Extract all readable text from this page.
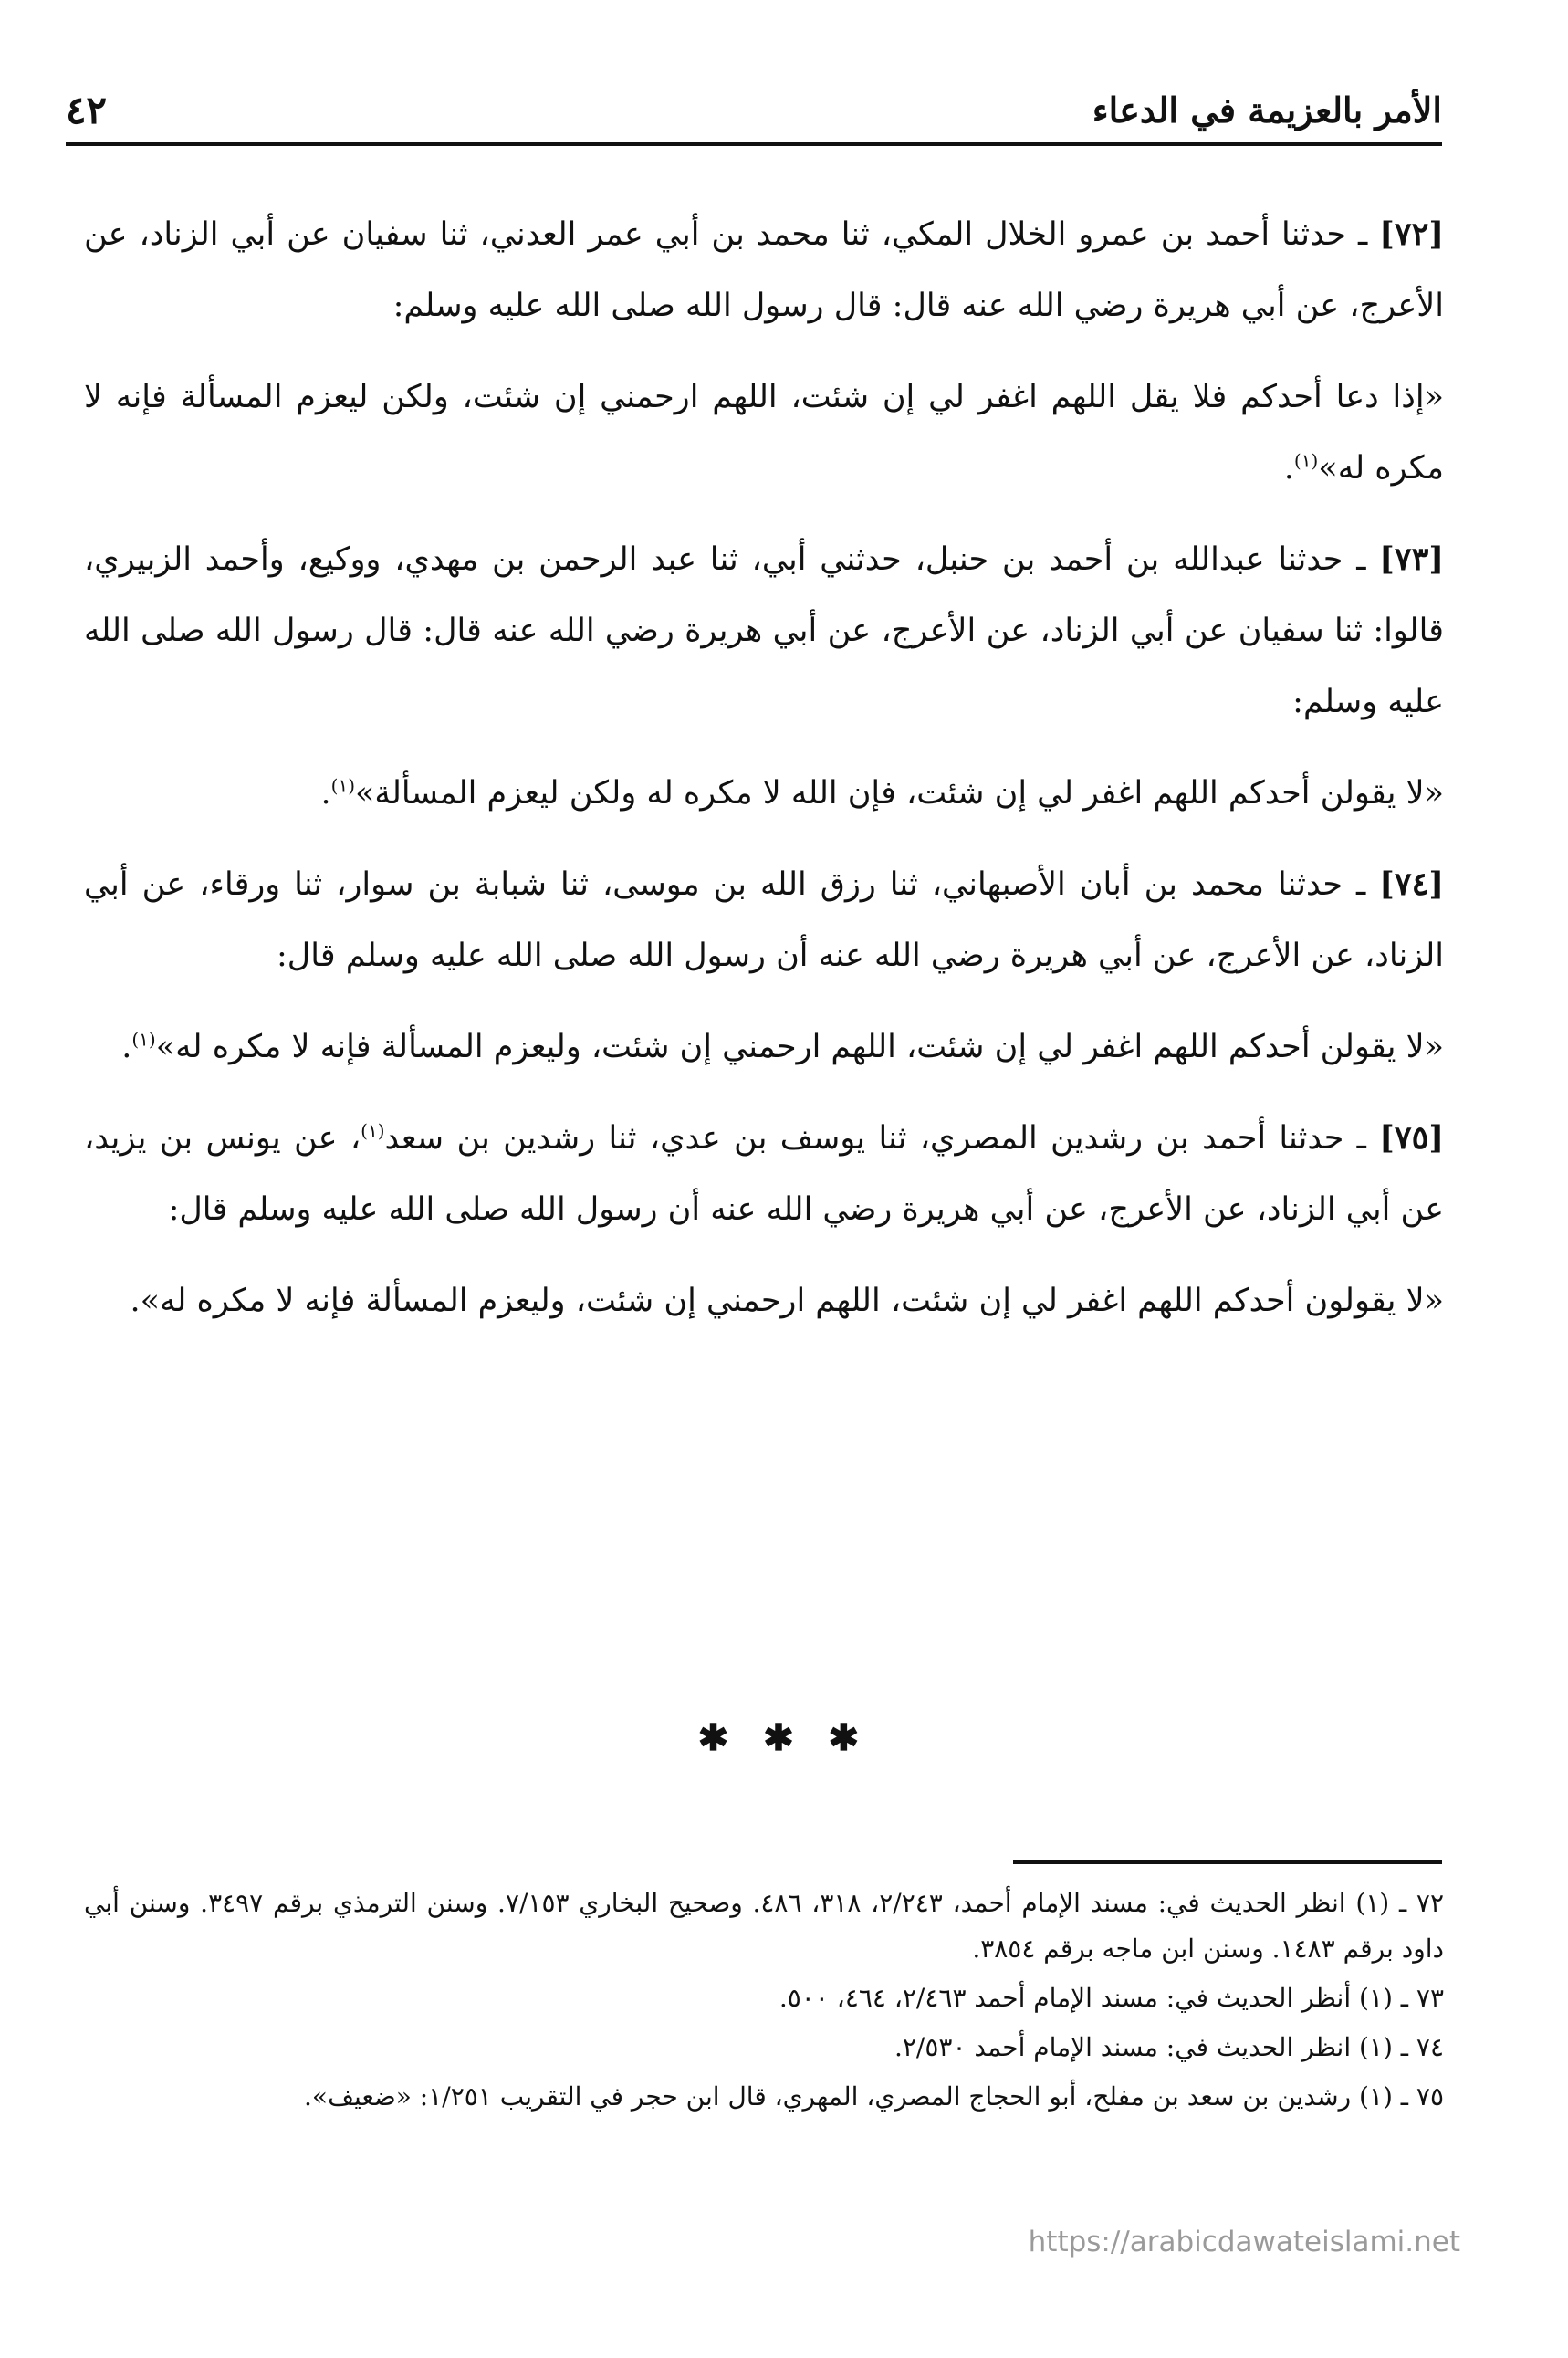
الأمر بالعزيمة في الدعاء
٤٢

[٧٢] ـ حدثنا أحمد بن عمرو الخلال المكي، ثنا محمد بن أبي عمر العدني، ثنا سفيان عن أبي الزناد، عن الأعرج، عن أبي هريرة رضي الله عنه قال: قال رسول الله صلى الله عليه وسلم:

«إذا دعا أحدكم فلا يقل اللهم اغفر لي إن شئت، اللهم ارحمني إن شئت، ولكن ليعزم المسألة فإنه لا مكره له»$^{(١)}$.

[٧٣] ـ حدثنا عبدالله بن أحمد بن حنبل، حدثني أبي، ثنا عبد الرحمن بن مهدي، ووكيع، وأحمد الزبيري، قالوا: ثنا سفيان عن أبي الزناد، عن الأعرج، عن أبي هريرة رضي الله عنه قال: قال رسول الله صلى الله عليه وسلم:

«لا يقولن أحدكم اللهم اغفر لي إن شئت، فإن الله لا مكره له ولكن ليعزم المسألة»$^{(١)}$.

[٧٤] ـ حدثنا محمد بن أبان الأصبهاني، ثنا رزق الله بن موسى، ثنا شبابة بن سوار، ثنا ورقاء، عن أبي الزناد، عن الأعرج، عن أبي هريرة رضي الله عنه أن رسول الله صلى الله عليه وسلم قال:

«لا يقولن أحدكم اللهم اغفر لي إن شئت، اللهم ارحمني إن شئت، وليعزم المسألة فإنه لا مكره له»$^{(١)}$.

[٧٥] ـ حدثنا أحمد بن رشدين المصري، ثنا يوسف بن عدي، ثنا رشدين بن سعد$^{(١)}$، عن يونس بن يزيد، عن أبي الزناد، عن الأعرج، عن أبي هريرة رضي الله عنه أن رسول الله صلى الله عليه وسلم قال:

«لا يقولون أحدكم اللهم اغفر لي إن شئت، اللهم ارحمني إن شئت، وليعزم المسألة فإنه لا مكره له».

✱ ✱ ✱

٧٢ ـ (١) انظر الحديث في: مسند الإمام أحمد، ٢/٢٤٣، ٣١٨، ٤٨٦. وصحيح البخاري ٧/١٥٣. وسنن الترمذي برقم ٣٤٩٧. وسنن أبي داود برقم ١٤٨٣. وسنن ابن ماجه برقم ٣٨٥٤.

٧٣ ـ (١) أنظر الحديث في: مسند الإمام أحمد ٢/٤٦٣، ٤٦٤، ٥٠٠.

٧٤ ـ (١) انظر الحديث في: مسند الإمام أحمد ٢/٥٣٠.

٧٥ ـ (١) رشدين بن سعد بن مفلح، أبو الحجاج المصري، المهري، قال ابن حجر في التقريب ١/٢٥١: «ضعيف».

https://arabicdawateislami.net
